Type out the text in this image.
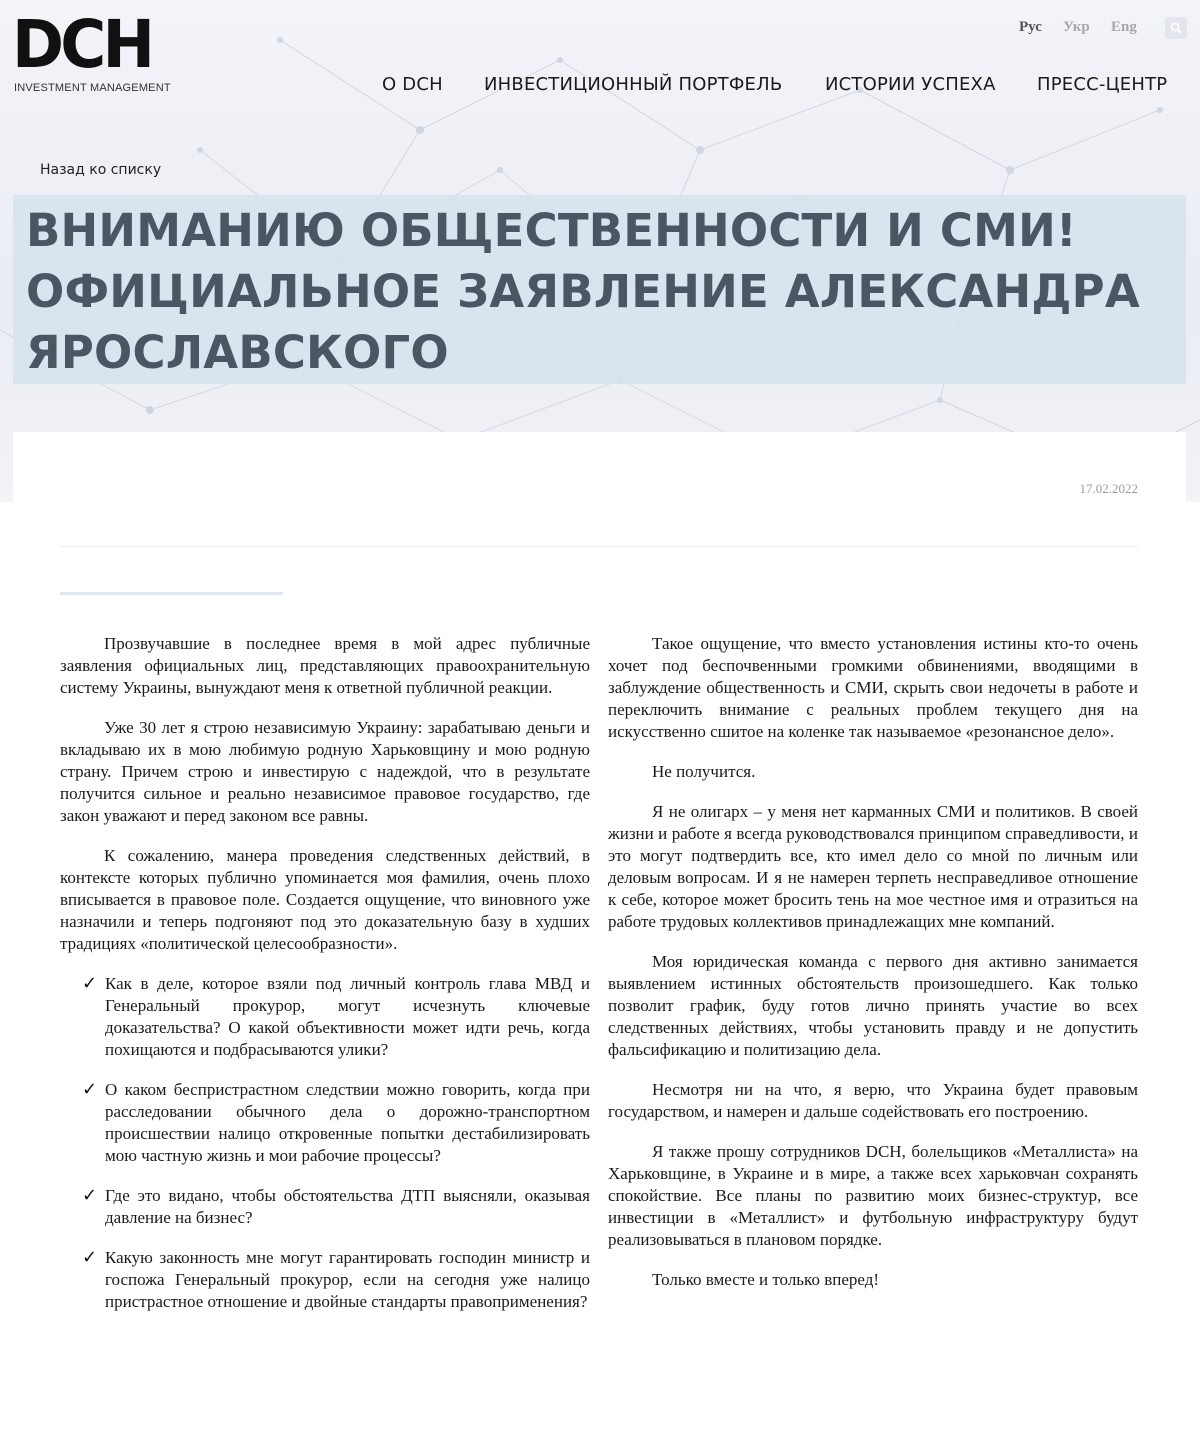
DCH
INVESTMENT MANAGEMENT
Рус Укр Eng
О DCH ИНВЕСТИЦИОННЫЙ ПОРТФЕЛЬ ИСТОРИИ УСПЕХА ПРЕСС-ЦЕНТР
Назад ко списку
ВНИМАНИЮ ОБЩЕСТВЕННОСТИ И СМИ! ОФИЦИАЛЬНОЕ ЗАЯВЛЕНИЕ АЛЕКСАНДРА ЯРОСЛАВСКОГО
17.02.2022

Прозвучавшие в последнее время в мой адрес публичные заявления официальных лиц, представляющих правоохранительную систему Украины, вынуждают меня к ответной публичной реакции.

Уже 30 лет я строю независимую Украину: зарабатываю деньги и вкладываю их в мою любимую родную Харьковщину и мою родную страну. Причем строю и инвестирую с надеждой, что в результате получится сильное и реально независимое правовое государство, где закон уважают и перед законом все равны.

К сожалению, манера проведения следственных действий, в контексте которых публично упоминается моя фамилия, очень плохо вписывается в правовое поле. Создается ощущение, что виновного уже назначили и теперь подгоняют под это доказательную базу в худших традициях «политической целесообразности».

✓ Как в деле, которое взяли под личный контроль глава МВД и Генеральный прокурор, могут исчезнуть ключевые доказательства? О какой объективности может идти речь, когда похищаются и подбрасываются улики?
✓ О каком беспристрастном следствии можно говорить, когда при расследовании обычного дела о дорожно-транспортном происшествии налицо откровенные попытки дестабилизировать мою частную жизнь и мои рабочие процессы?
✓ Где это видано, чтобы обстоятельства ДТП выясняли, оказывая давление на бизнес?
✓ Какую законность мне могут гарантировать господин министр и госпожа Генеральный прокурор, если на сегодня уже налицо пристрастное отношение и двойные стандарты правоприменения?

Такое ощущение, что вместо установления истины кто-то очень хочет под беспочвенными громкими обвинениями, вводящими в заблуждение общественность и СМИ, скрыть свои недочеты в работе и переключить внимание с реальных проблем текущего дня на искусственно сшитое на коленке так называемое «резонансное дело».

Не получится.

Я не олигарх – у меня нет карманных СМИ и политиков. В своей жизни и работе я всегда руководствовался принципом справедливости, и это могут подтвердить все, кто имел дело со мной по личным или деловым вопросам. И я не намерен терпеть несправедливое отношение к себе, которое может бросить тень на мое честное имя и отразиться на работе трудовых коллективов принадлежащих мне компаний.

Моя юридическая команда с первого дня активно занимается выявлением истинных обстоятельств произошедшего. Как только позволит график, буду готов лично принять участие во всех следственных действиях, чтобы установить правду и не допустить фальсификацию и политизацию дела.

Несмотря ни на что, я верю, что Украина будет правовым государством, и намерен и дальше содействовать его построению.

Я также прошу сотрудников DCH, болельщиков «Металлиста» на Харьковщине, в Украине и в мире, а также всех харьковчан сохранять спокойствие. Все планы по развитию моих бизнес-структур, все инвестиции в «Металлист» и футбольную инфраструктуру будут реализовываться в плановом порядке.

Только вместе и только вперед!
